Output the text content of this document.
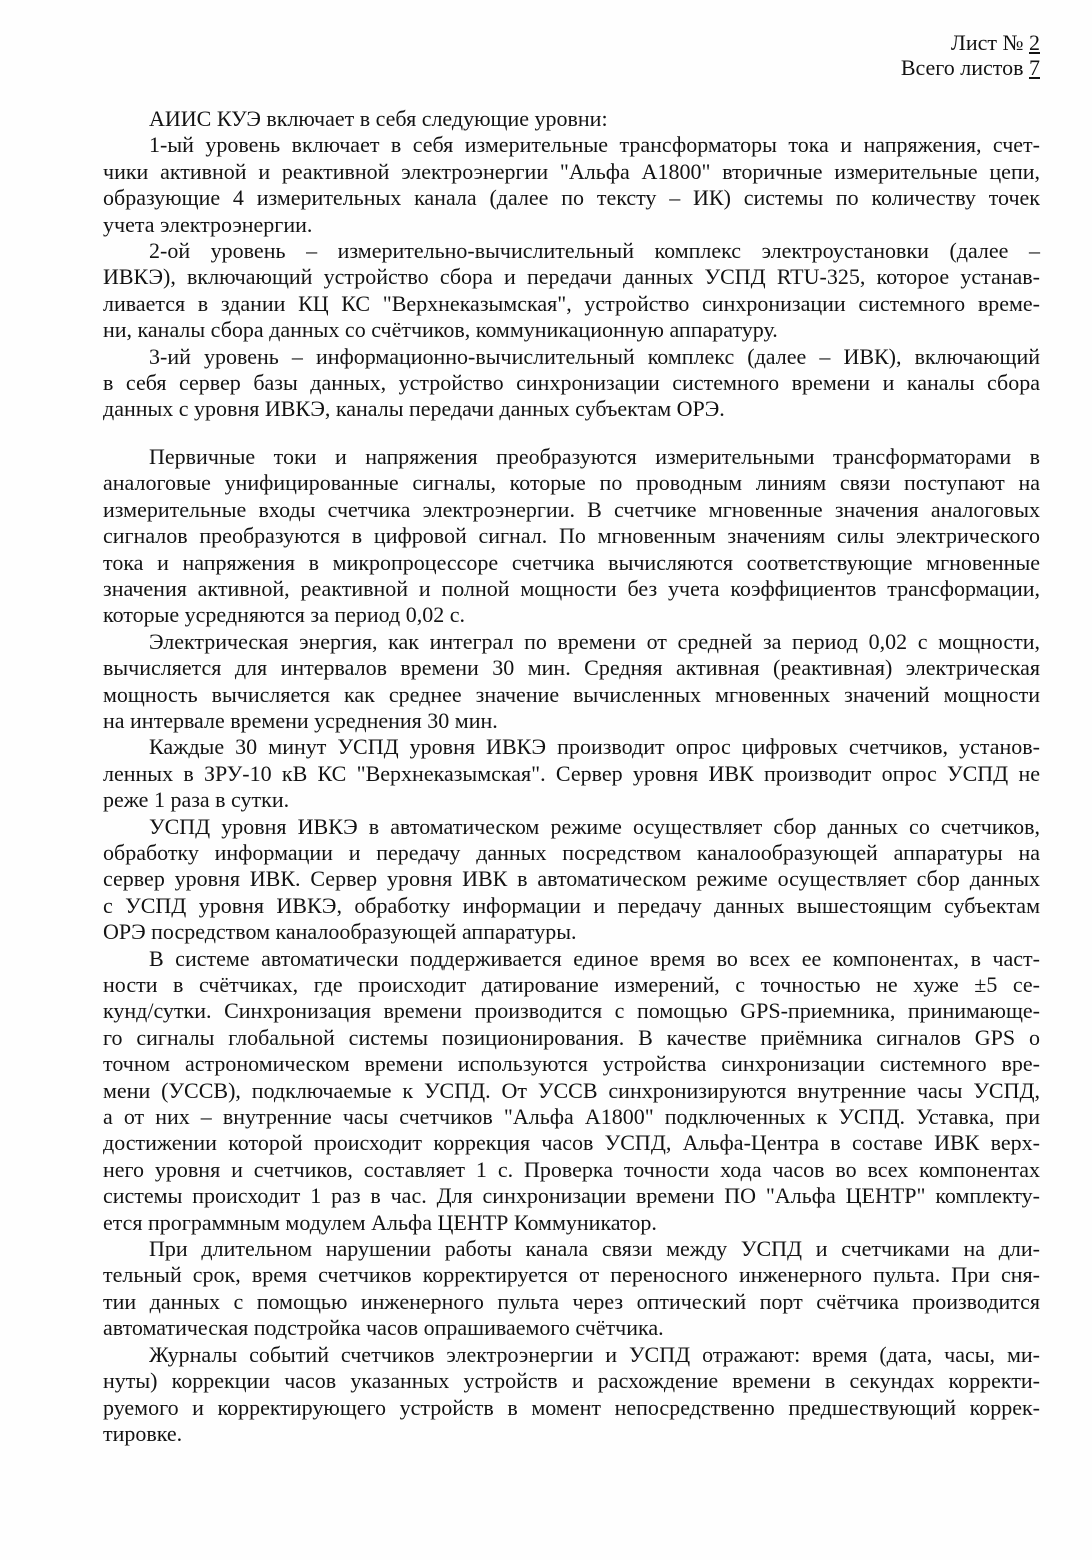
Лист № 2
Всего листов 7
АИИС КУЭ включает в себя следующие уровни:
1-ый уровень включает в себя измерительные трансформаторы тока и напряжения, счет-
чики активной и реактивной электроэнергии "Альфа А1800" вторичные измерительные цепи,
образующие 4 измерительных канала (далее по тексту – ИК) системы по количеству точек
учета электроэнергии.
2-ой уровень – измерительно-вычислительный комплекс электроустановки (далее –
ИВКЭ), включающий устройство сбора и передачи данных УСПД RTU-325, которое устанав-
ливается в здании КЦ КС "Верхнеказымская", устройство синхронизации системного време-
ни, каналы сбора данных со счётчиков, коммуникационную аппаратуру.
3-ий уровень – информационно-вычислительный комплекс (далее – ИВК), включающий
в себя сервер базы данных, устройство синхронизации системного времени и каналы сбора
данных с уровня ИВКЭ, каналы передачи данных субъектам ОРЭ.
Первичные токи и напряжения преобразуются измерительными трансформаторами в
аналоговые унифицированные сигналы, которые по проводным линиям связи поступают на
измерительные входы счетчика электроэнергии. В счетчике мгновенные значения аналоговых
сигналов преобразуются в цифровой сигнал. По мгновенным значениям силы электрического
тока и напряжения в микропроцессоре счетчика вычисляются соответствующие мгновенные
значения активной, реактивной и полной мощности без учета коэффициентов трансформации,
которые усредняются за период 0,02 с.
Электрическая энергия, как интеграл по времени от средней за период 0,02 с мощности,
вычисляется для интервалов времени 30 мин. Средняя активная (реактивная) электрическая
мощность вычисляется как среднее значение вычисленных мгновенных значений мощности
на интервале времени усреднения 30 мин.
Каждые 30 минут УСПД уровня ИВКЭ производит опрос цифровых счетчиков, установ-
ленных в ЗРУ-10 кВ КС "Верхнеказымская". Сервер уровня ИВК производит опрос УСПД не
реже 1 раза в сутки.
УСПД уровня ИВКЭ в автоматическом режиме осуществляет сбор данных со счетчиков,
обработку информации и передачу данных посредством каналообразующей аппаратуры на
сервер уровня ИВК. Сервер уровня ИВК в автоматическом режиме осуществляет сбор данных
с УСПД уровня ИВКЭ, обработку информации и передачу данных вышестоящим субъектам
ОРЭ посредством каналообразующей аппаратуры.
В системе автоматически поддерживается единое время во всех ее компонентах, в част-
ности в счётчиках, где происходит датирование измерений, с точностью не хуже ±5 се-
кунд/сутки. Синхронизация времени производится с помощью GPS-приемника, принимающе-
го сигналы глобальной системы позиционирования. В качестве приёмника сигналов GPS о
точном астрономическом времени используются устройства синхронизации системного вре-
мени (УССВ), подключаемые к УСПД. От УССВ синхронизируются внутренние часы УСПД,
а от них – внутренние часы счетчиков "Альфа А1800" подключенных к УСПД. Уставка, при
достижении которой происходит коррекция часов УСПД, Альфа-Центра в составе ИВК верх-
него уровня и счетчиков, составляет 1 с. Проверка точности хода часов во всех компонентах
системы происходит 1 раз в час. Для синхронизации времени ПО "Альфа ЦЕНТР" комплекту-
ется программным модулем Альфа ЦЕНТР Коммуникатор.
При длительном нарушении работы канала связи между УСПД и счетчиками на дли-
тельный срок, время счетчиков корректируется от переносного инженерного пульта. При сня-
тии данных с помощью инженерного пульта через оптический порт счётчика производится
автоматическая подстройка часов опрашиваемого счётчика.
Журналы событий счетчиков электроэнергии и УСПД отражают: время (дата, часы, ми-
нуты) коррекции часов указанных устройств и расхождение времени в секундах корректи-
руемого и корректирующего устройств в момент непосредственно предшествующий коррек-
тировке.
